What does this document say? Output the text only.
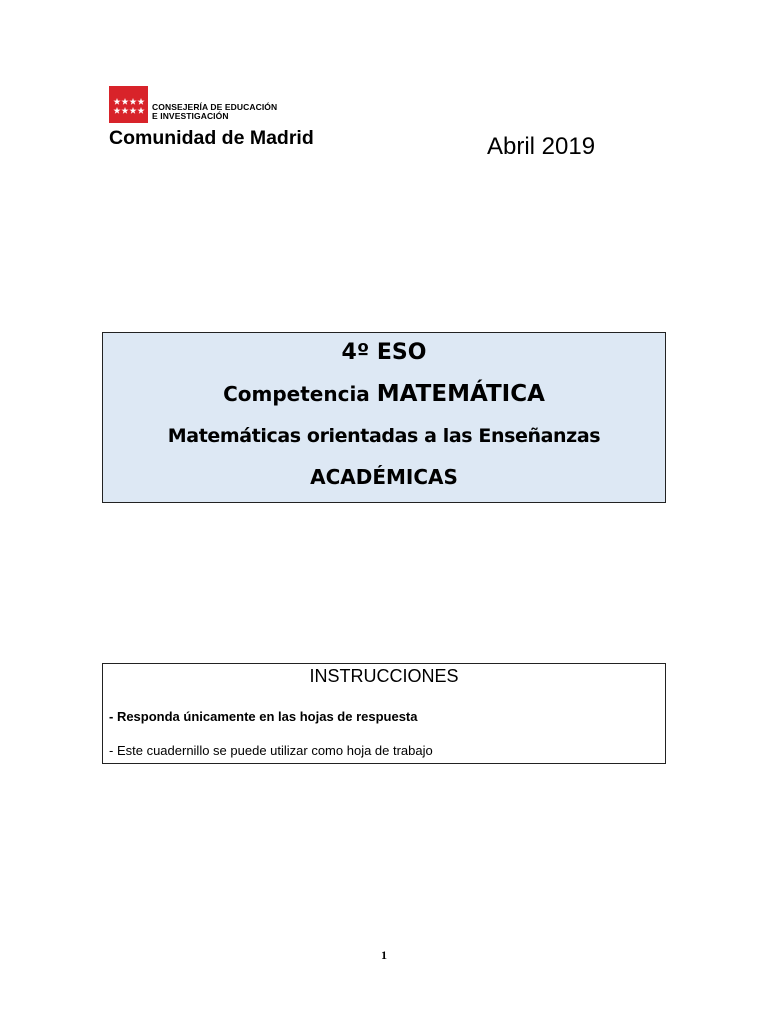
CONSEJERÍA DE EDUCACIÓN
E INVESTIGACIÓN
Comunidad de Madrid	Abril 2019
4º ESO
Competencia MATEMÁTICA
Matemáticas orientadas a las Enseñanzas
ACADÉMICAS
INSTRUCCIONES
- Responda únicamente en las hojas de respuesta
- Este cuadernillo se puede utilizar como hoja de trabajo
1
